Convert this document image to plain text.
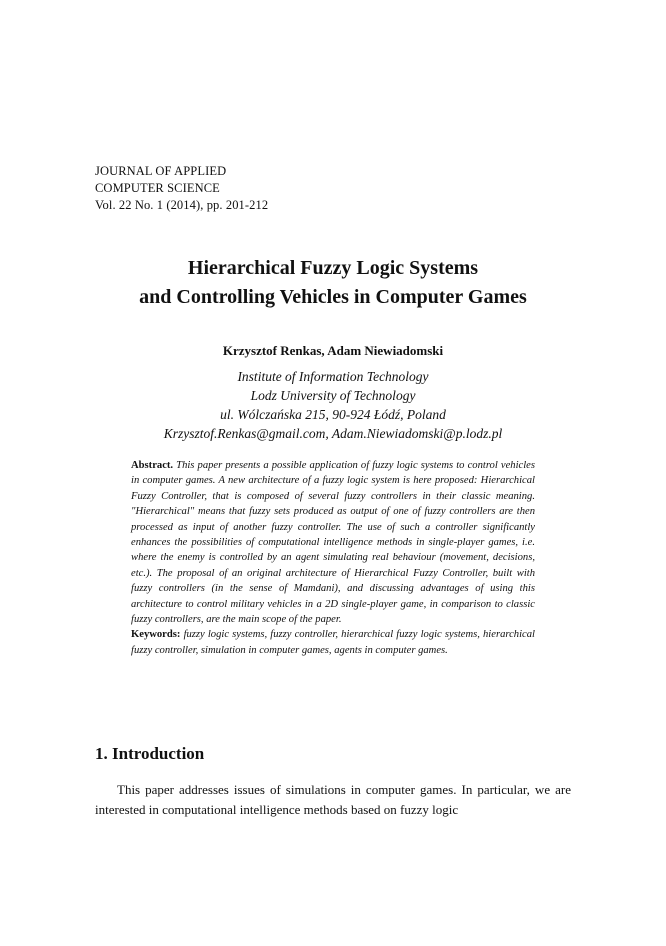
JOURNAL OF APPLIED
COMPUTER SCIENCE
Vol. 22 No. 1 (2014), pp. 201-212
Hierarchical Fuzzy Logic Systems
and Controlling Vehicles in Computer Games
Krzysztof Renkas, Adam Niewiadomski
Institute of Information Technology
Lodz University of Technology
ul. Wólczańska 215, 90-924 Łódź, Poland
Krzysztof.Renkas@gmail.com, Adam.Niewiadomski@p.lodz.pl

Abstract. This paper presents a possible application of fuzzy logic systems to control vehicles in computer games. A new architecture of a fuzzy logic system is here proposed: Hierarchical Fuzzy Controller, that is composed of several fuzzy controllers in their classic meaning. "Hierarchical" means that fuzzy sets produced as output of one of fuzzy controllers are then processed as input of another fuzzy controller. The use of such a controller significantly enhances the possibilities of computational intelligence methods in single-player games, i.e. where the enemy is controlled by an agent simulating real behaviour (movement, decisions, etc.). The proposal of an original architecture of Hierarchical Fuzzy Controller, built with fuzzy controllers (in the sense of Mamdani), and discussing advantages of using this architecture to control military vehicles in a 2D single-player game, in comparison to classic fuzzy controllers, are the main scope of the paper.

Keywords: fuzzy logic systems, fuzzy controller, hierarchical fuzzy logic systems, hierarchical fuzzy controller, simulation in computer games, agents in computer games.

1. Introduction
This paper addresses issues of simulations in computer games. In particular, we are interested in computational intelligence methods based on fuzzy logic
